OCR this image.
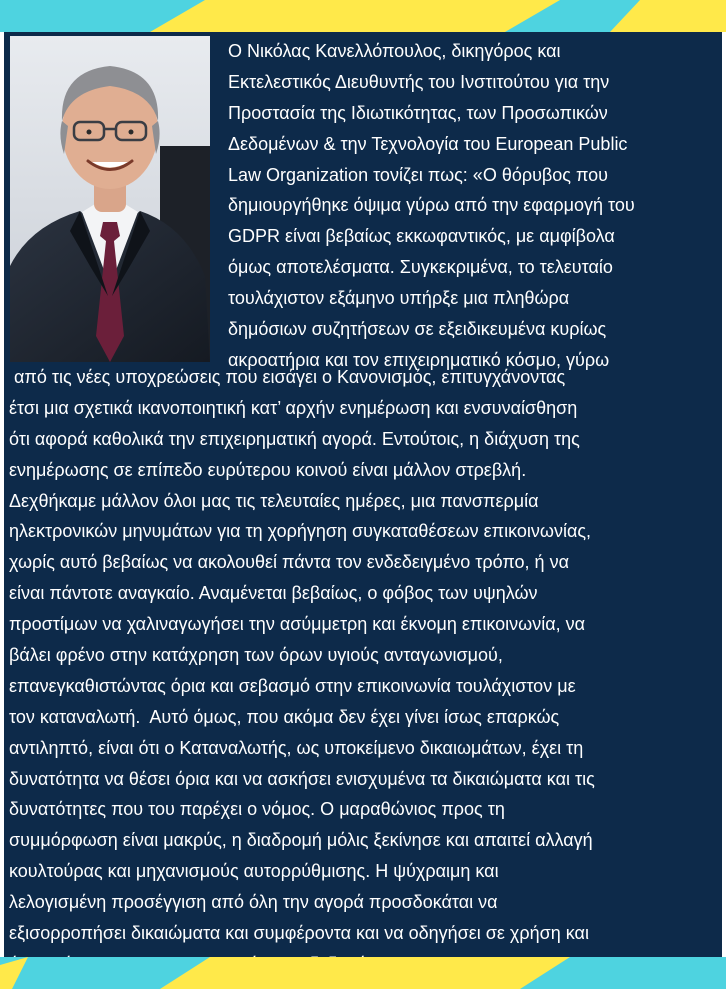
Ο Νικόλας Κανελλόπουλος, δικηγόρος και
Εκτελεστικός Διευθυντής του Ινστιτούτου για την
Προστασία της Ιδιωτικότητας, των Προσωπικών
Δεδομένων & την Τεχνολογία του European Public
Law Organization τονίζει πως: «Ο θόρυβος που
δημιουργήθηκε όψιμα γύρω από την εφαρμογή του
GDPR είναι βεβαίως εκκωφαντικός, με αμφίβολα
όμως αποτελέσματα. Συγκεκριμένα, το τελευταίο
τουλάχιστον εξάμηνο υπήρξε μια πληθώρα
δημόσιων συζητήσεων σε εξειδικευμένα κυρίως
ακροατήρια και τον επιχειρηματικό κόσμο, γύρω
από τις νέες υποχρεώσεις που εισάγει ο Κανονισμός, επιτυγχάνοντας
έτσι μια σχετικά ικανοποιητική κατ’ αρχήν ενημέρωση και ενσυναίσθηση
ότι αφορά καθολικά την επιχειρηματική αγορά. Εντούτοις, η διάχυση της
ενημέρωσης σε επίπεδο ευρύτερου κοινού είναι μάλλον στρεβλή.
Δεχθήκαμε μάλλον όλοι μας τις τελευταίες ημέρες, μια πανσπερμία
ηλεκτρονικών μηνυμάτων για τη χορήγηση συγκαταθέσεων επικοινωνίας,
χωρίς αυτό βεβαίως να ακολουθεί πάντα τον ενδεδειγμένο τρόπο, ή να
είναι πάντοτε αναγκαίο. Αναμένεται βεβαίως, ο φόβος των υψηλών
προστίμων να χαλιναγωγήσει την ασύμμετρη και έκνομη επικοινωνία, να
βάλει φρένο στην κατάχρηση των όρων υγιούς ανταγωνισμού,
επανεγκαθιστώντας όρια και σεβασμό στην επικοινωνία τουλάχιστον με
τον καταναλωτή.  Αυτό όμως, που ακόμα δεν έχει γίνει ίσως επαρκώς
αντιληπτό, είναι ότι ο Καταναλωτής, ως υποκείμενο δικαιωμάτων, έχει τη
δυνατότητα να θέσει όρια και να ασκήσει ενισχυμένα τα δικαιώματα και τις
δυνατότητες που του παρέχει ο νόμος. Ο μαραθώνιος προς τη
συμμόρφωση είναι μακρύς, η διαδρομή μόλις ξεκίνησε και απαιτεί αλλαγή
κουλτούρας και μηχανισμούς αυτορρύθμισης. Η ψύχραιμη και
λελογισμένη προσέγγιση από όλη την αγορά προσδοκάται να
εξισορροπήσει δικαιώματα και συμφέροντα και να οδηγήσει σε χρήση και
